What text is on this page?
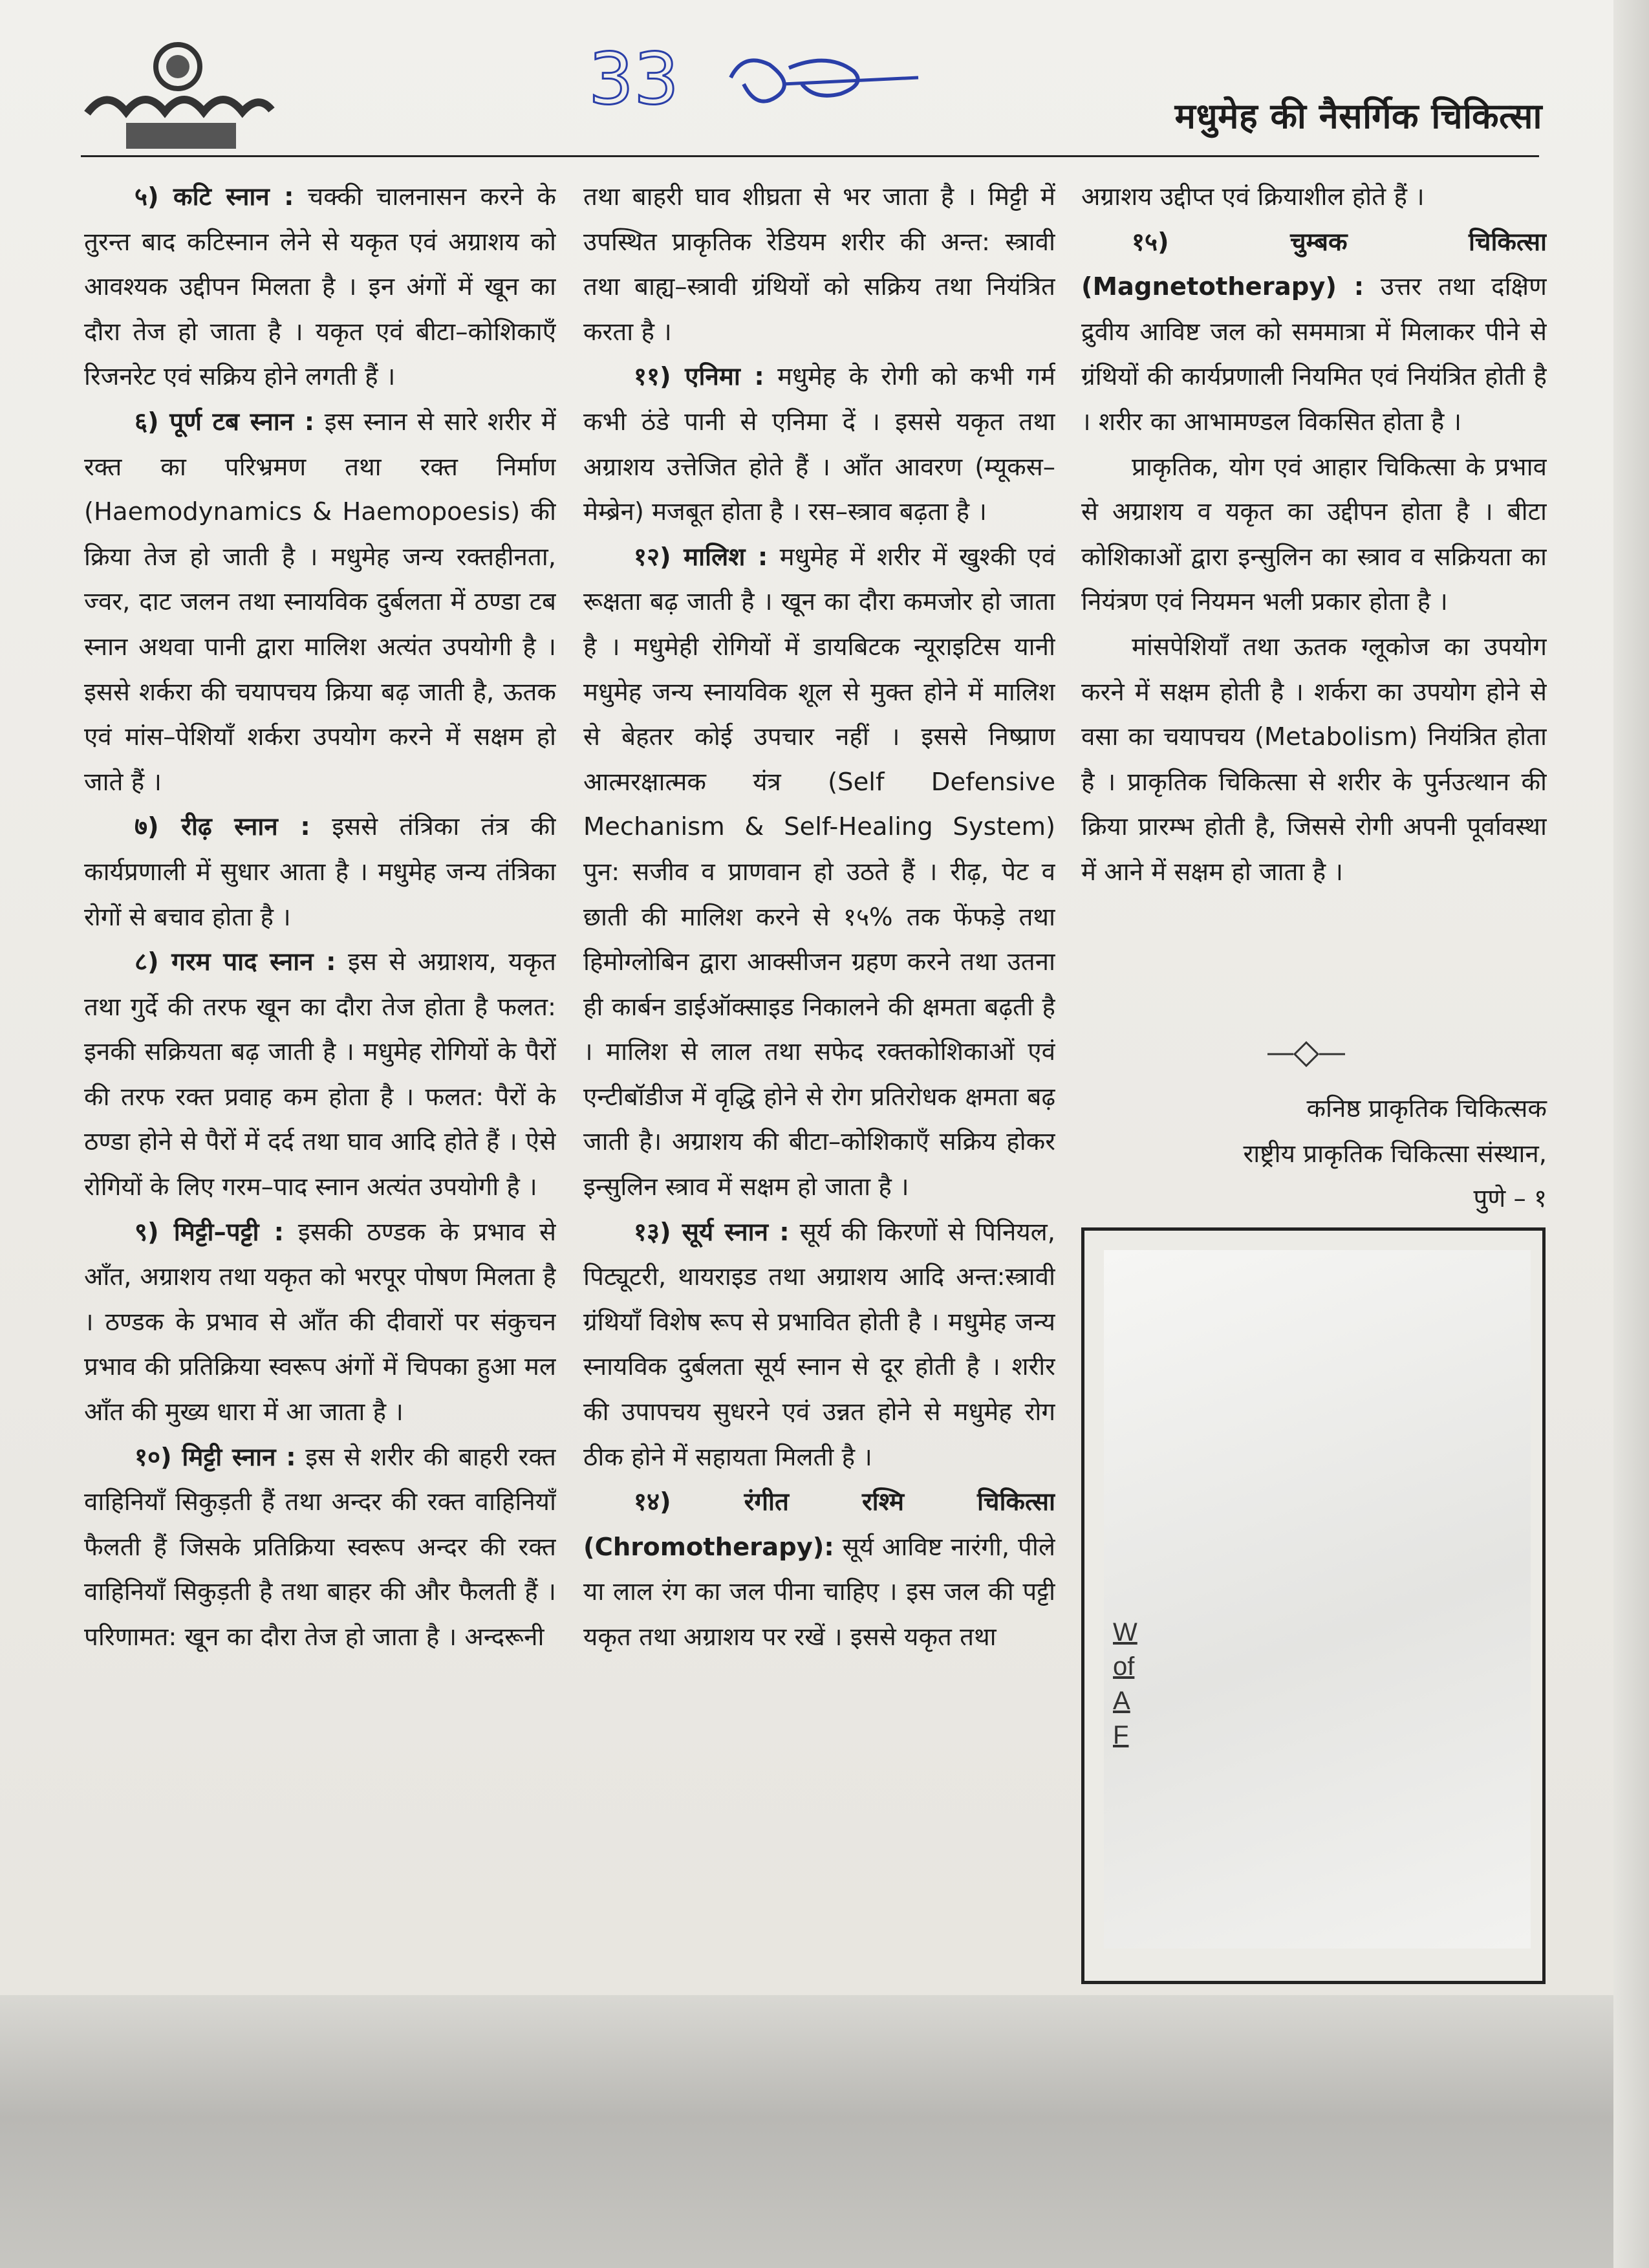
33	मधुमेह की नैसर्गिक चिकित्सा

५) कटि स्नान : चक्की चालनासन करने के तुरन्त बाद कटिस्नान लेने से यकृत एवं अग्राशय को आवश्यक उद्दीपन मिलता है । इन अंगों में खून का दौरा तेज हो जाता है । यकृत एवं बीटा–कोशिकाएँ रिजनरेट एवं सक्रिय होने लगती हैं ।

६) पूर्ण टब स्नान : इस स्नान से सारे शरीर में रक्त का परिभ्रमण तथा रक्त निर्माण (Haemodynamics & Haemopoesis) की क्रिया तेज हो जाती है । मधुमेह जन्य रक्तहीनता, ज्वर, दाट जलन तथा स्नायविक दुर्बलता में ठण्डा टब स्नान अथवा पानी द्वारा मालिश अत्यंत उपयोगी है । इससे शर्करा की चयापचय क्रिया बढ़ जाती है, ऊतक एवं मांस–पेशियाँ शर्करा उपयोग करने में सक्षम हो जाते हैं ।

७) रीढ़ स्नान : इससे तंत्रिका तंत्र की कार्यप्रणाली में सुधार आता है । मधुमेह जन्य तंत्रिका रोगों से बचाव होता है ।

८) गरम पाद स्नान : इस से अग्राशय, यकृत तथा गुर्दे की तरफ खून का दौरा तेज होता है फलत: इनकी सक्रियता बढ़ जाती है । मधुमेह रोगियों के पैरों की तरफ रक्त प्रवाह कम होता है । फलत: पैरों के ठण्डा होने से पैरों में दर्द तथा घाव आदि होते हैं । ऐसे रोगियों के लिए गरम–पाद स्नान अत्यंत उपयोगी है ।

९) मिट्टी–पट्टी : इसकी ठण्डक के प्रभाव से आँत, अग्राशय तथा यकृत को भरपूर पोषण मिलता है । ठण्डक के प्रभाव से आँत की दीवारों पर संकुचन प्रभाव की प्रतिक्रिया स्वरूप अंगों में चिपका हुआ मल आँत की मुख्य धारा में आ जाता है ।

१०) मिट्टी स्नान : इस से शरीर की बाहरी रक्त वाहिनियाँ सिकुड़ती हैं तथा अन्दर की रक्त वाहिनियाँ फैलती हैं जिसके प्रतिक्रिया स्वरूप अन्दर की रक्त वाहिनियाँ सिकुड़ती है तथा बाहर की और फैलती हैं । परिणामत: खून का दौरा तेज हो जाता है । अन्दरूनी

तथा बाहरी घाव शीघ्रता से भर जाता है । मिट्टी में उपस्थित प्राकृतिक रेडियम शरीर की अन्त: स्त्रावी तथा बाह्य–स्त्रावी ग्रंथियों को सक्रिय तथा नियंत्रित करता है ।

११) एनिमा : मधुमेह के रोगी को कभी गर्म कभी ठंडे पानी से एनिमा दें । इससे यकृत तथा अग्राशय उत्तेजित होते हैं । आँत आवरण (म्यूकस–मेम्ब्रेन) मजबूत होता है । रस–स्त्राव बढ़ता है ।

१२) मालिश : मधुमेह में शरीर में खुश्की एवं रूक्षता बढ़ जाती है । खून का दौरा कमजोर हो जाता है । मधुमेही रोगियों में डायबिटक न्यूराइटिस यानी मधुमेह जन्य स्नायविक शूल से मुक्त होने में मालिश से बेहतर कोई उपचार नहीं । इससे निष्प्राण आत्मरक्षात्मक यंत्र (Self Defensive Mechanism & Self-Healing System) पुन: सजीव व प्राणवान हो उठते हैं । रीढ़, पेट व छाती की मालिश करने से १५% तक फेंफड़े तथा हिमोग्लोबिन द्वारा आक्सीजन ग्रहण करने तथा उतना ही कार्बन डाईऑक्साइड निकालने की क्षमता बढ़ती है । मालिश से लाल तथा सफेद रक्तकोशिकाओं एवं एन्टीबॉडीज में वृद्धि होने से रोग प्रतिरोधक क्षमता बढ़ जाती है। अग्राशय की बीटा–कोशिकाएँ सक्रिय होकर इन्सुलिन स्त्राव में सक्षम हो जाता है ।

१३) सूर्य स्नान : सूर्य की किरणों से पिनियल, पिट्यूटरी, थायराइड तथा अग्राशय आदि अन्त:स्त्रावी ग्रंथियाँ विशेष रूप से प्रभावित होती है । मधुमेह जन्य स्नायविक दुर्बलता सूर्य स्नान से दूर होती है । शरीर की उपापचय सुधरने एवं उन्नत होने से मधुमेह रोग ठीक होने में सहायता मिलती है ।

१४) रंगीत रश्मि चिकित्सा (Chromotherapy): सूर्य आविष्ट नारंगी, पीले या लाल रंग का जल पीना चाहिए । इस जल की पट्टी यकृत तथा अग्राशय पर रखें । इससे यकृत तथा

अग्राशय उद्दीप्त एवं क्रियाशील होते हैं ।

१५) चुम्बक चिकित्सा (Magnetotherapy) : उत्तर तथा दक्षिण द्रुवीय आविष्ट जल को सममात्रा में मिलाकर पीने से ग्रंथियों की कार्यप्रणाली नियमित एवं नियंत्रित होती है । शरीर का आभामण्डल विकसित होता है ।

प्राकृतिक, योग एवं आहार चिकित्सा के प्रभाव से अग्राशय व यकृत का उद्दीपन होता है । बीटा कोशिकाओं द्वारा इन्सुलिन का स्त्राव व सक्रियता का नियंत्रण एवं नियमन भली प्रकार होता है ।

मांसपेशियाँ तथा ऊतक ग्लूकोज का उपयोग करने में सक्षम होती है । शर्करा का उपयोग होने से वसा का चयापचय (Metabolism) नियंत्रित होता है । प्राकृतिक चिकित्सा से शरीर के पुर्नउत्थान की क्रिया प्रारम्भ होती है, जिससे रोगी अपनी पूर्वावस्था में आने में सक्षम हो जाता है ।

कनिष्ठ प्राकृतिक चिकित्सक
राष्ट्रीय प्राकृतिक चिकित्सा संस्थान,
पुणे – १
W
of
A
F
